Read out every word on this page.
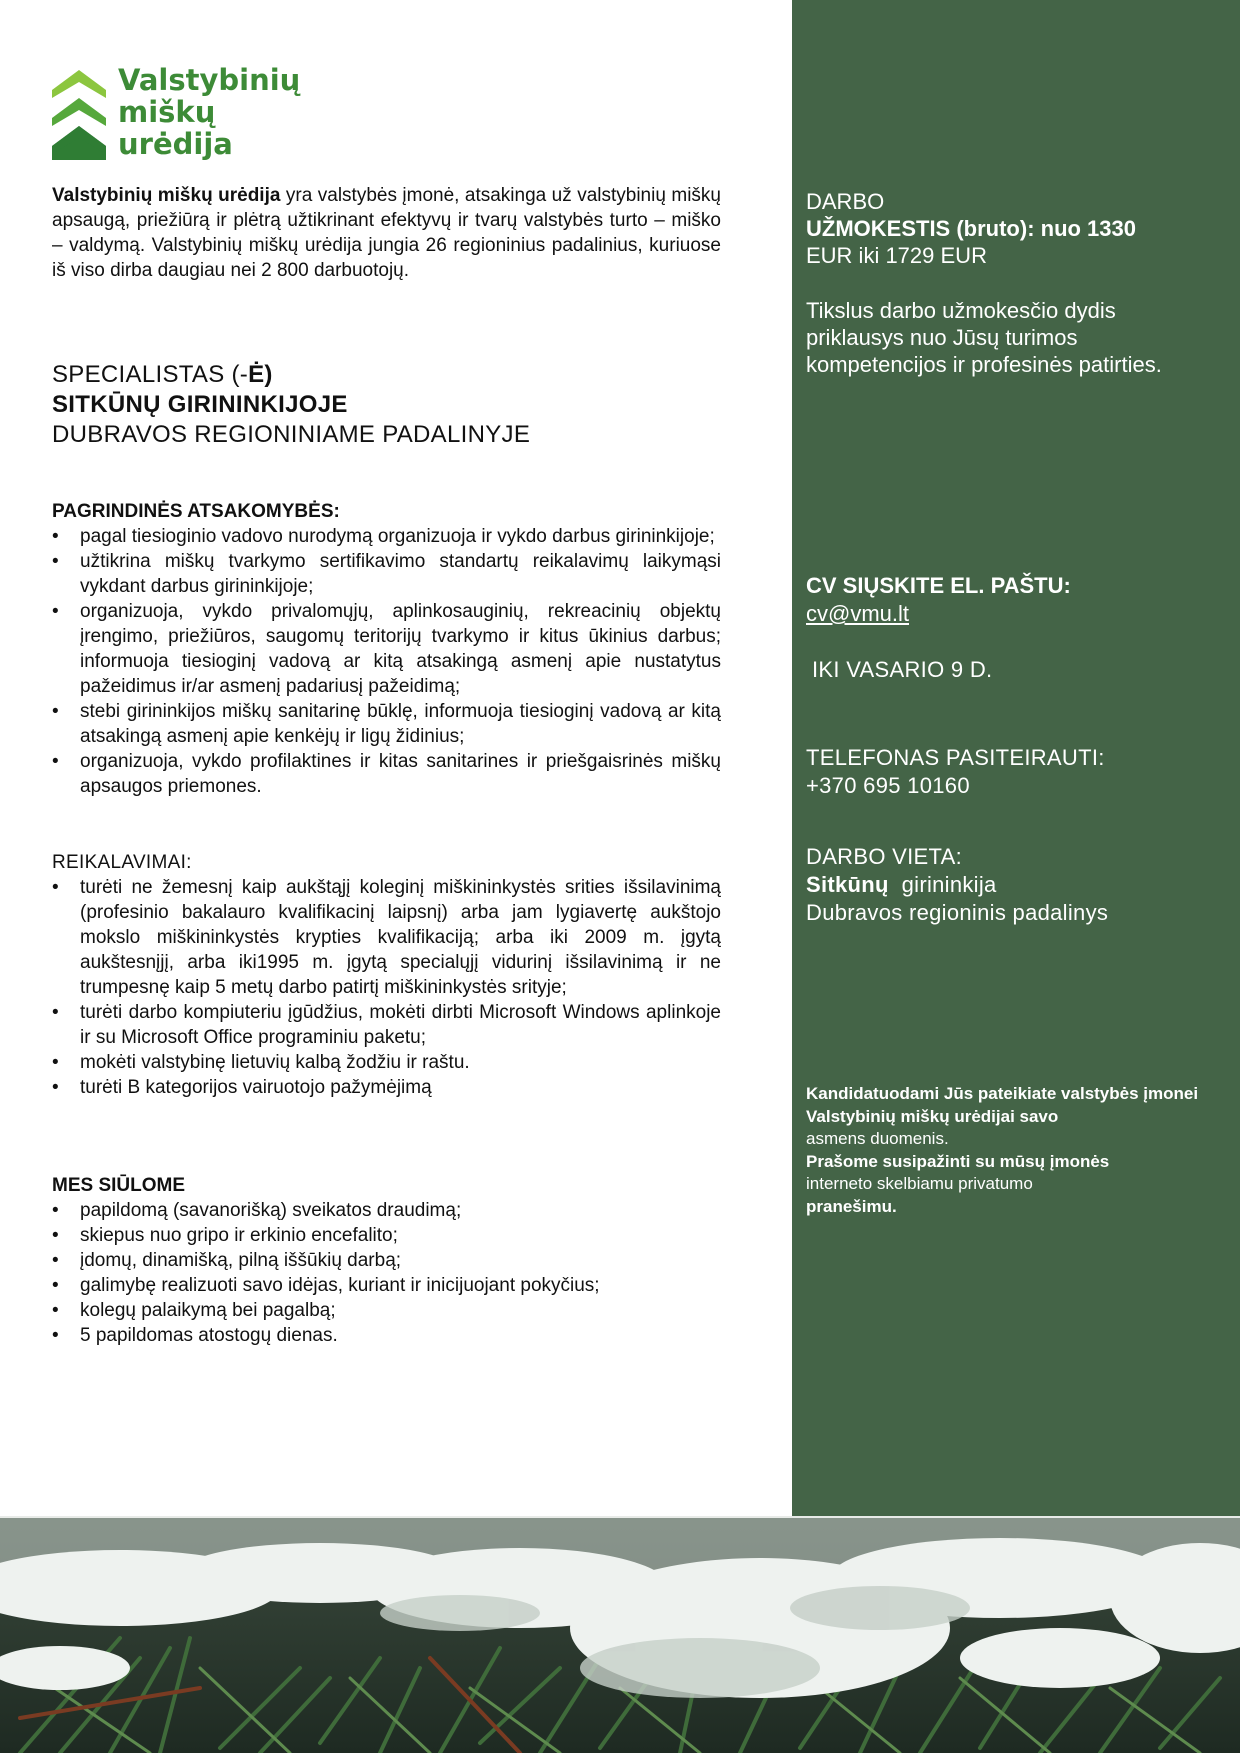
Valstybinių
miškų
urėdija
Valstybinių miškų urėdija yra valstybės įmonė, atsakinga už valstybinių miškų apsaugą, priežiūrą ir plėtrą užtikrinant efektyvų ir tvarų valstybės turto – miško – valdymą. Valstybinių miškų urėdija jungia 26 regioninius padalinius, kuriuose iš viso dirba daugiau nei 2 800 darbuotojų.
SPECIALISTAS (-Ė)
SITKŪNŲ GIRININKIJOJE
DUBRAVOS REGIONINIAME PADALINYJE
PAGRINDINĖS ATSAKOMYBĖS:
• pagal tiesioginio vadovo nurodymą organizuoja ir vykdo darbus girininkijoje;
• užtikrina miškų tvarkymo sertifikavimo standartų reikalavimų laikymąsi vykdant darbus girininkijoje;
• organizuoja, vykdo privalomųjų, aplinkosauginių, rekreacinių objektų įrengimo, priežiūros, saugomų teritorijų tvarkymo ir kitus ūkinius darbus; informuoja tiesioginį vadovą ar kitą atsakingą asmenį apie nustatytus pažeidimus ir/ar asmenį padariusį pažeidimą;
• stebi girininkijos miškų sanitarinę būklę, informuoja tiesioginį vadovą ar kitą atsakingą asmenį apie kenkėjų ir ligų židinius;
• organizuoja, vykdo profilaktines ir kitas sanitarines ir priešgaisrinės miškų apsaugos priemones.
REIKALAVIMAI:
• turėti ne žemesnį kaip aukštąjį koleginį miškininkystės srities išsilavinimą (profesinio bakalauro kvalifikacinį laipsnį) arba jam lygiavertę aukštojo mokslo miškininkystės krypties kvalifikaciją; arba iki 2009 m. įgytą aukštesnįjį, arba iki1995 m. įgytą specialųjį vidurinį išsilavinimą ir ne trumpesnę kaip 5 metų darbo patirtį miškininkystės srityje;
• turėti darbo kompiuteriu įgūdžius, mokėti dirbti Microsoft Windows aplinkoje ir su Microsoft Office programiniu paketu;
• mokėti valstybinę lietuvių kalbą žodžiu ir raštu.
• turėti B kategorijos vairuotojo pažymėjimą
MES SIŪLOME
• papildomą (savanorišką) sveikatos draudimą;
• skiepus nuo gripo ir erkinio encefalito;
• įdomų, dinamišką, pilną iššūkių darbą;
• galimybę realizuoti savo idėjas, kuriant ir inicijuojant pokyčius;
• kolegų palaikymą bei pagalbą;
• 5 papildomas atostogų dienas.
DARBO
UŽMOKESTIS (bruto): nuo 1330
EUR iki 1729 EUR
Tikslus darbo užmokesčio dydis priklausys nuo Jūsų turimos kompetencijos ir profesinės patirties.
CV SIŲSKITE EL. PAŠTU:
cv@vmu.lt
IKI VASARIO 9 D.
TELEFONAS PASITEIRAUTI:
+370 695 10160
DARBO VIETA:
Sitkūnų  girininkija
Dubravos regioninis padalinys
Kandidatuodami Jūs pateikiate valstybės įmonei Valstybinių miškų urėdijai savo
asmens duomenis.
Prašome susipažinti su mūsų įmonės
interneto skelbiamu privatumo
pranešimu.
